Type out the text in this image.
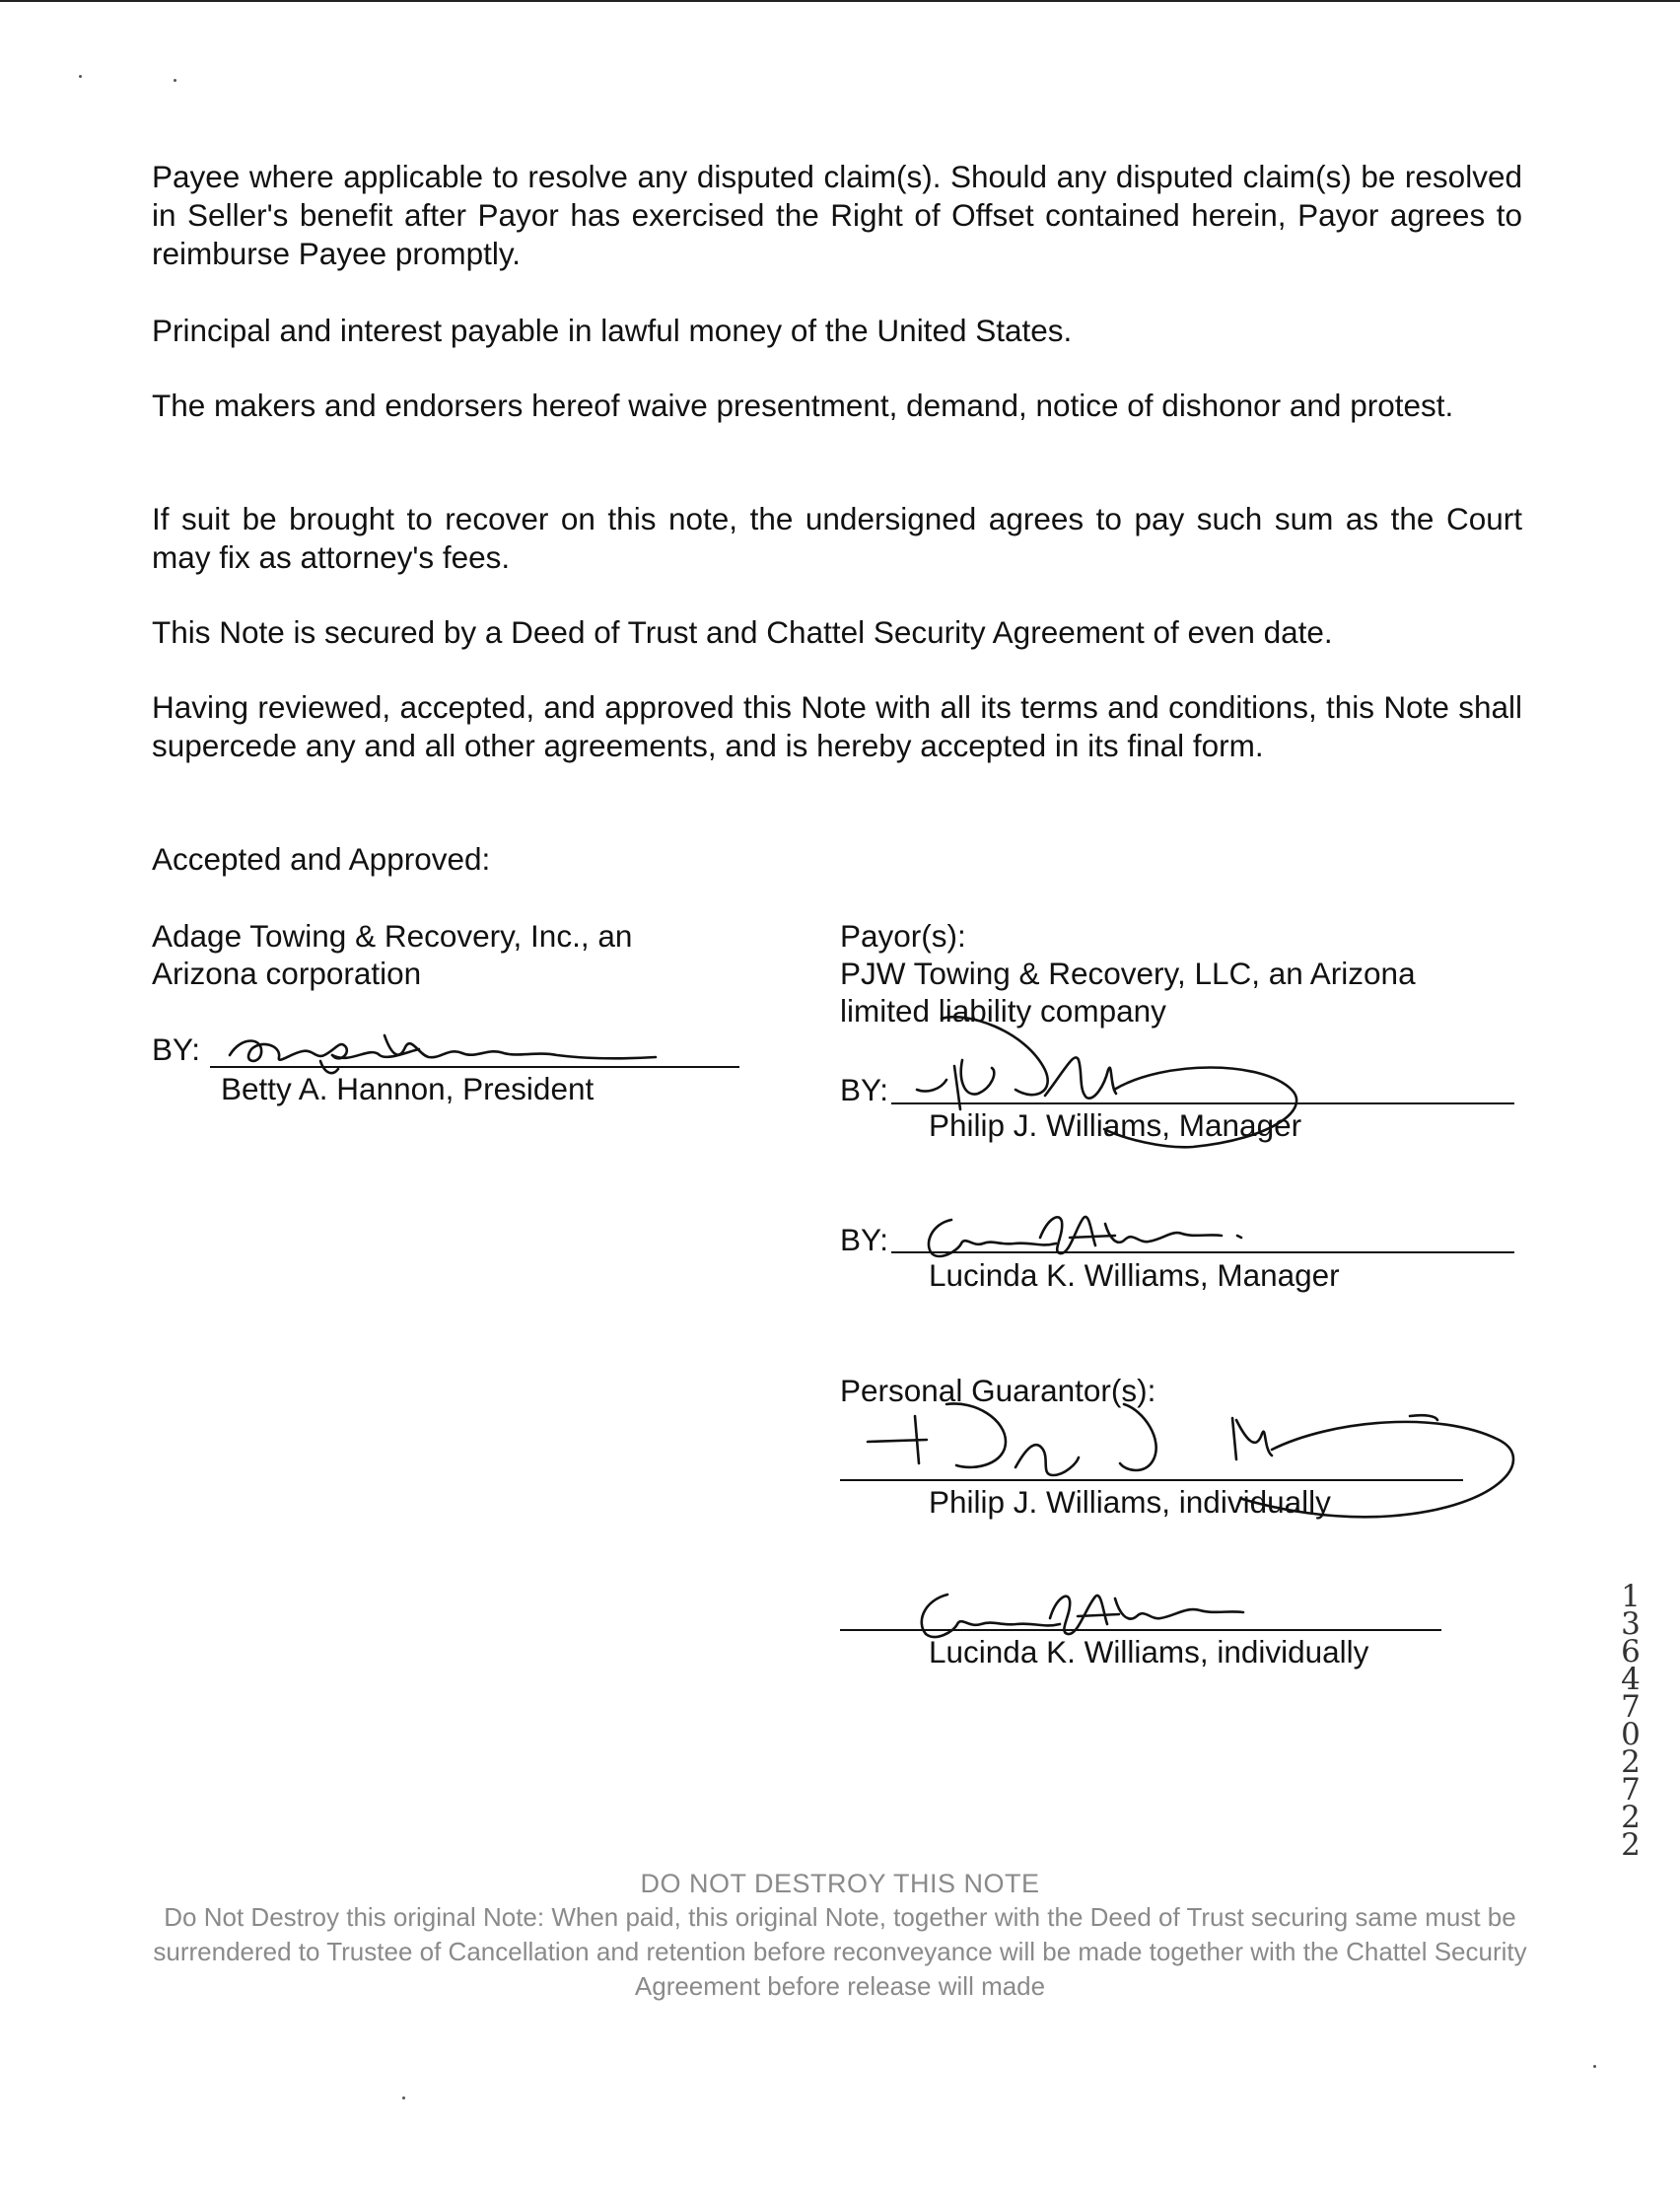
Payee where applicable to resolve any disputed claim(s). Should any disputed claim(s) be resolved in Seller's benefit after Payor has exercised the Right of Offset contained herein, Payor agrees to reimburse Payee promptly.

Principal and interest payable in lawful money of the United States.

The makers and endorsers hereof waive presentment, demand, notice of dishonor and protest.

If suit be brought to recover on this note, the undersigned agrees to pay such sum as the Court may fix as attorney's fees.

This Note is secured by a Deed of Trust and Chattel Security Agreement of even date.

Having reviewed, accepted, and approved this Note with all its terms and conditions, this Note shall supercede any and all other agreements, and is hereby accepted in its final form.

Accepted and Approved:
Adage Towing & Recovery, Inc., an
Arizona corporation
BY:
Betty A. Hannon, President
Payor(s):
PJW Towing & Recovery, LLC, an Arizona
limited liability company
BY:
Philip J. Williams, Manager
BY:
Lucinda K. Williams, Manager
Personal Guarantor(s):
Philip J. Williams, individually
Lucinda K. Williams, individually
13647 02722
DO NOT DESTROY THIS NOTE
Do Not Destroy this original Note: When paid, this original Note, together with the Deed of Trust securing same must be surrendered to Trustee of Cancellation and retention before reconveyance will be made together with the Chattel Security Agreement before release will made
